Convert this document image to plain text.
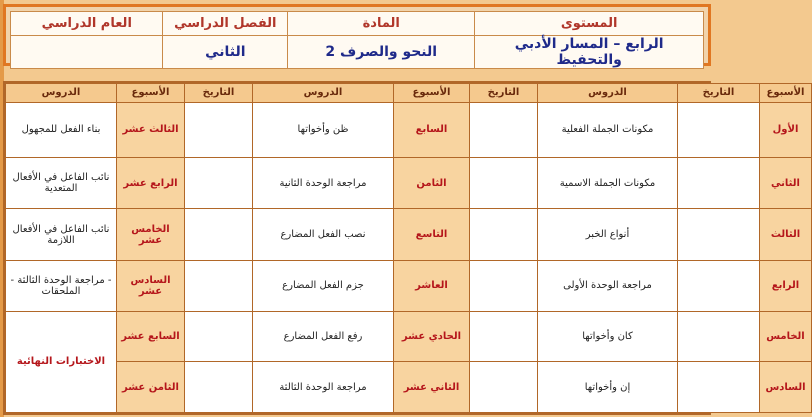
المستوى	المادة	الفصل الدراسي	العام الدراسي
الرابع – المسار الأدبي والتحفيظ	النحو والصرف 2	الثاني	
الأسبوع	التاريخ	الدروس	التاريخ	الأسبوع	الدروس	التاريخ	الأسبوع	الدروس
الأول		مكونات الجملة الفعلية		السابع	ظن وأخواتها		الثالث عشر	بناء الفعل للمجهول
الثاني		مكونات الجملة الاسمية		الثامن	مراجعة الوحدة الثانية		الرابع عشر	نائب الفاعل في الأفعال المتعدية
الثالث		أنواع الخبر		التاسع	نصب الفعل المضارع		الخامس عشر	نائب الفاعل في الأفعال اللازمة
الرابع		مراجعة الوحدة الأولى		العاشر	جزم الفعل المضارع		السادس عشر	- مراجعة الوحدة الثالثة - الملحقات
الخامس		كان وأخواتها		الحادي عشر	رفع الفعل المضارع		السابع عشر	الاختبارات النهائية
السادس		إن وأخواتها		الثاني عشر	مراجعة الوحدة الثالثة		الثامن عشر	
